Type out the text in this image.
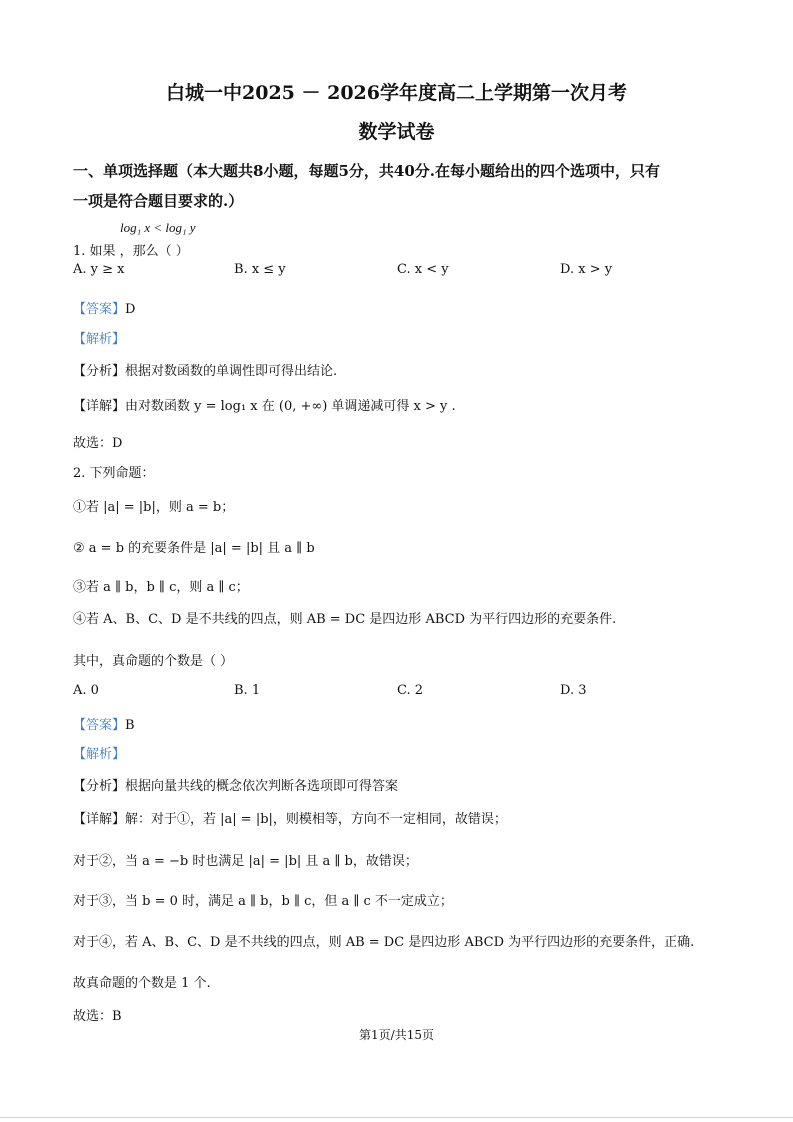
白城一中2025 － 2026学年度高二上学期第一次月考
数学试卷
一、单项选择题（本大题共8小题，每题5分，共40分.在每小题给出的四个选项中，只有
一项是符合题目要求的.）
log₁ x < log₁ y
1. 如果 ，那么（ ）
A. y ≥ x	B. x ≤ y	C. x < y	D. x > y
【答案】D
【解析】
【分析】根据对数函数的单调性即可得出结论.
【详解】由对数函数 y = log₁ x 在 (0, +∞) 单调递减可得 x > y .
故选：D
2. 下列命题：
①若 |a| = |b|，则 a = b；
② a = b 的充要条件是 |a| = |b| 且 a ∥ b
③若 a ∥ b，b ∥ c，则 a ∥ c；
④若 A、B、C、D 是不共线的四点，则 AB = DC 是四边形 ABCD 为平行四边形的充要条件.
其中，真命题的个数是（ ）
A. 0	B. 1	C. 2	D. 3
【答案】B
【解析】
【分析】根据向量共线的概念依次判断各选项即可得答案
【详解】解：对于①，若 |a| = |b|，则模相等，方向不一定相同，故错误；
对于②，当 a = −b 时也满足 |a| = |b| 且 a ∥ b，故错误；
对于③，当 b = 0 时，满足 a ∥ b，b ∥ c，但 a ∥ c 不一定成立；
对于④，若 A、B、C、D 是不共线的四点，则 AB = DC 是四边形 ABCD 为平行四边形的充要条件，正确.
故真命题的个数是 1 个.
故选：B
第1页/共15页
